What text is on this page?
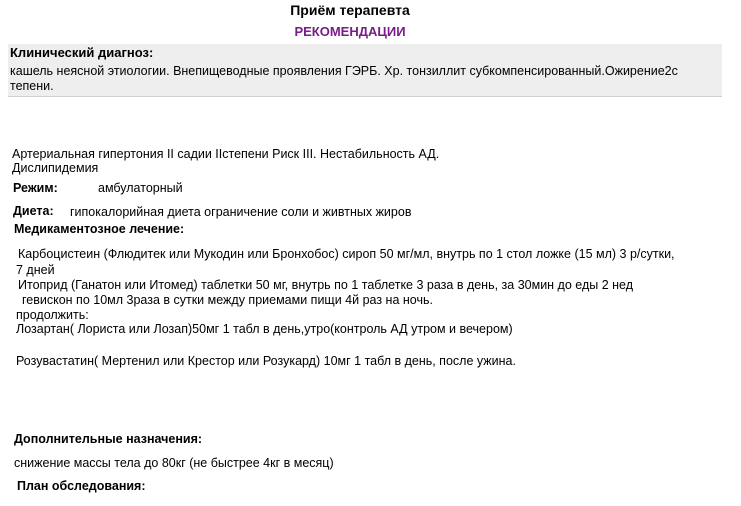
Приём терапевта
РЕКОМЕНДАЦИИ
Клинический диагноз:
кашель неясной этиологии. Внепищеводные проявления ГЭРБ. Хр. тонзиллит субкомпенсированный.Ожирение2с
тепени.
Артериальная гипертония II садии IIстепени Риск III. Нестабильность АД.
Дислипидемия
Режим:	амбулаторный
Диета: гипокалорийная диета ограничение соли и живтных жиров
Медикаментозное лечение:
Карбоцистеин (Флюдитек или Мукодин или Бронхобос) сироп 50 мг/мл, внутрь по 1 стол ложке (15 мл) 3 р/сутки,
7 дней
Итоприд (Ганатон или Итомед) таблетки 50 мг, внутрь по 1 таблетке 3 раза в день, за 30мин до еды 2 нед
гевискон по 10мл 3раза в сутки между приемами пищи 4й раз на ночь.
продолжить:
Лозартан( Лориста или Лозап)50мг 1 табл в день,утро(контроль АД утром и вечером)
Розувастатин( Мертенил или Крестор или Розукард) 10мг 1 табл в день, после ужина.
Дополнительные назначения:
снижение массы тела до 80кг (не быстрее 4кг в месяц)
План обследования:
